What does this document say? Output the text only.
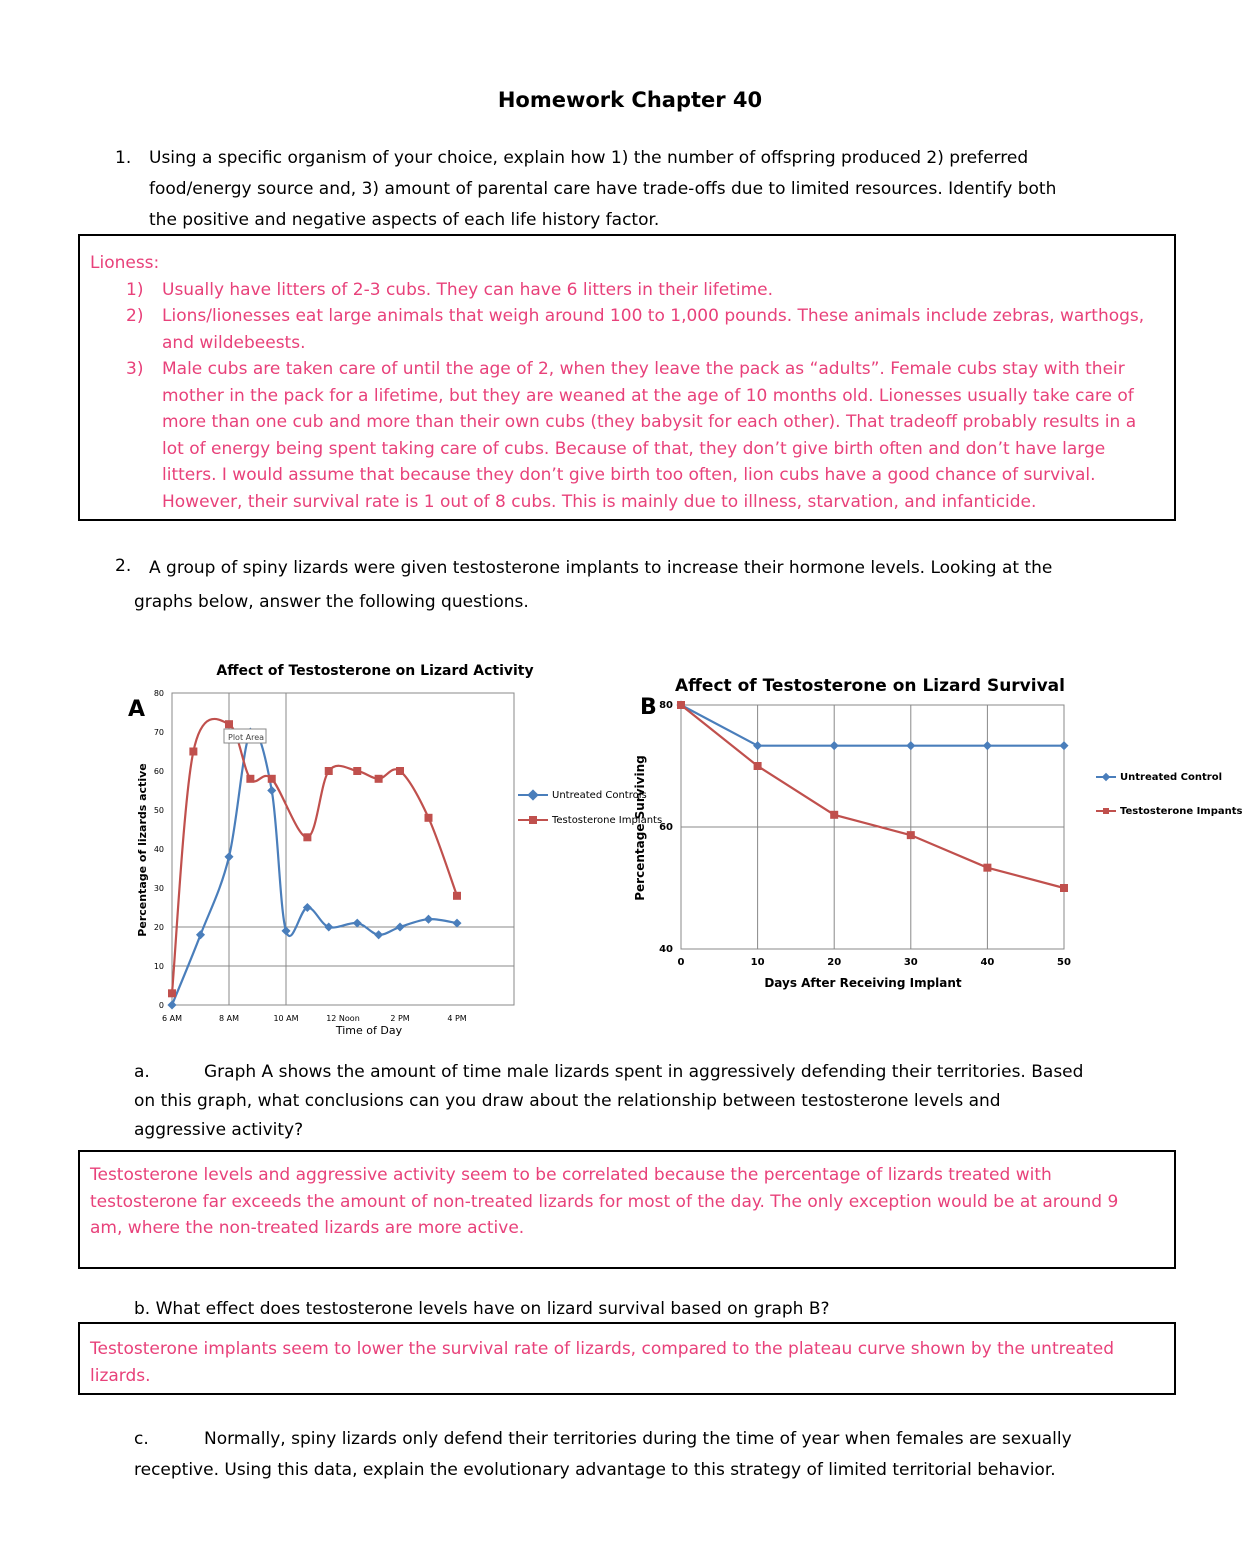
Homework Chapter 40
1. Using a specific organism of your choice, explain how 1) the number of offspring produced 2) preferred
food/energy source and, 3) amount of parental care have trade-offs due to limited resources. Identify both
the positive and negative aspects of each life history factor.
Lioness:
1) Usually have litters of 2-3 cubs. They can have 6 litters in their lifetime.
2) Lions/lionesses eat large animals that weigh around 100 to 1,000 pounds. These animals include zebras, warthogs,
and wildebeests.
3) Male cubs are taken care of until the age of 2, when they leave the pack as “adults”. Female cubs stay with their
mother in the pack for a lifetime, but they are weaned at the age of 10 months old. Lionesses usually take care of
more than one cub and more than their own cubs (they babysit for each other). That tradeoff probably results in a
lot of energy being spent taking care of cubs. Because of that, they don’t give birth often and don’t have large
litters. I would assume that because they don’t give birth too often, lion cubs have a good chance of survival.
However, their survival rate is 1 out of 8 cubs. This is mainly due to illness, starvation, and infanticide.
2. A group of spiny lizards were given testosterone implants to increase their hormone levels. Looking at the
graphs below, answer the following questions.
A
Affect of Testosterone on Lizard Activity
Time of Day
Percentage of lizards active
0
10
20
30
40
50
60
70
80
6 AM	8 AM	10 AM	12 Noon	2 PM	4 PM
Untreated Controls
Testosterone Implants
Plot Area
B
Affect of Testosterone on Lizard Survival
Days After Receiving Implant
Percentage Surviving
40
60
80
0	10	20	30	40	50
Untreated Control
Testosterone Impants
a.	Graph A shows the amount of time male lizards spent in aggressively defending their territories. Based
on this graph, what conclusions can you draw about the relationship between testosterone levels and
aggressive activity?
Testosterone levels and aggressive activity seem to be correlated because the percentage of lizards treated with
testosterone far exceeds the amount of non-treated lizards for most of the day. The only exception would be at around 9
am, where the non-treated lizards are more active.
b. What effect does testosterone levels have on lizard survival based on graph B?
Testosterone implants seem to lower the survival rate of lizards, compared to the plateau curve shown by the untreated
lizards.
c.	Normally, spiny lizards only defend their territories during the time of year when females are sexually
receptive. Using this data, explain the evolutionary advantage to this strategy of limited territorial behavior.
